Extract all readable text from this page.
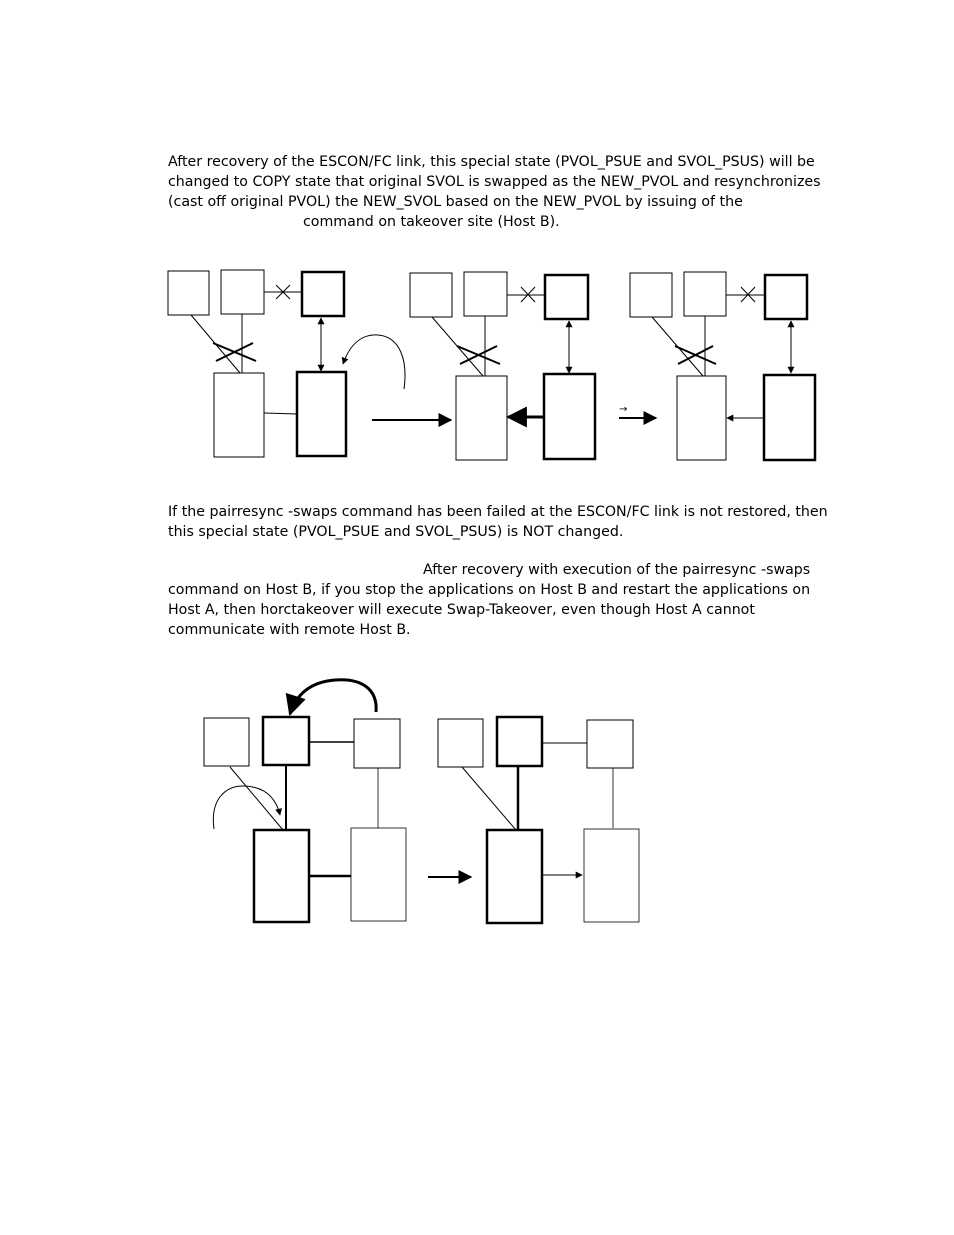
After recovery of the ESCON/FC link, this special state (PVOL_PSUE and SVOL_PSUS) will be
changed to COPY state that original SVOL is swapped as the NEW_PVOL and resynchronizes
(cast off original PVOL) the NEW_SVOL based on the NEW_PVOL by issuing of the
command on takeover site (Host B).
→
If the pairresync -swaps command has been failed at the ESCON/FC link is not restored, then
this special state (PVOL_PSUE and SVOL_PSUS) is NOT changed.
After recovery with execution of the pairresync -swaps
command on Host B, if you stop the applications on Host B and restart the applications on
Host A, then horctakeover will execute Swap-Takeover, even though Host A cannot
communicate with remote Host B.
